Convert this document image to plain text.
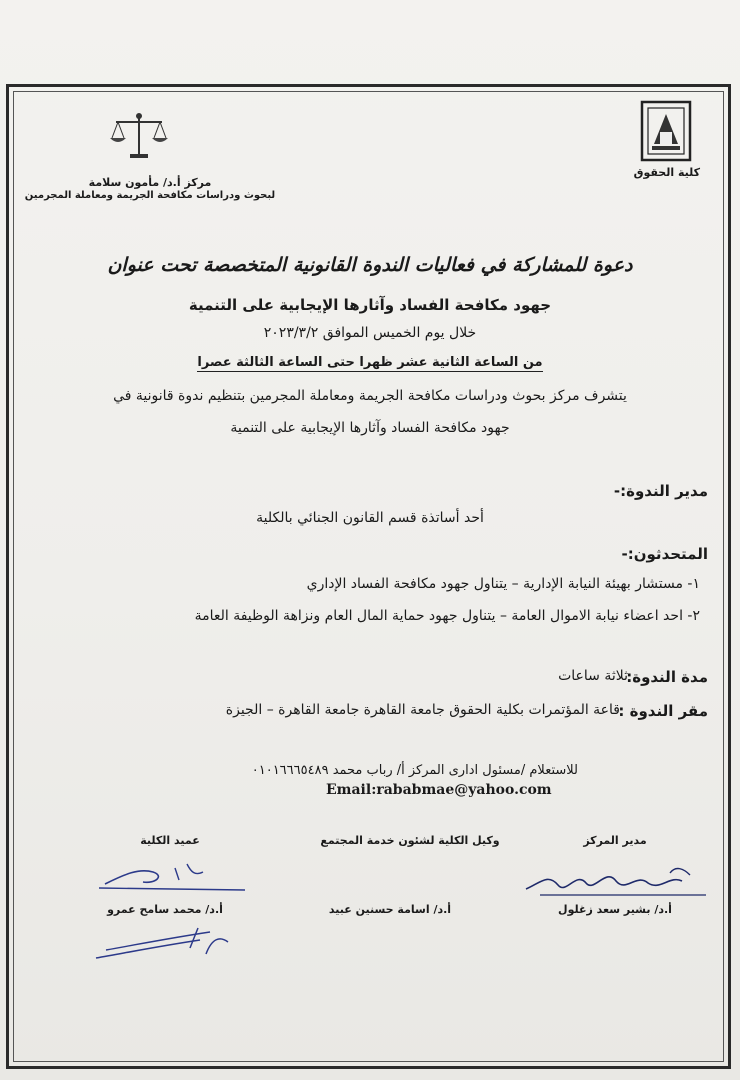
كلية الحقوق
مركز أ.د/ مأمون سلامة
لبحوث ودراسات مكافحة الجريمة ومعاملة المجرمين
دعوة للمشاركة في فعاليات الندوة القانونية المتخصصة تحت عنوان
جهود مكافحة الفساد وآثارها الإيجابية على التنمية
خلال يوم الخميس الموافق ٢٠٢٣/٣/٢
من الساعة الثانية عشر ظهرا حتى الساعة الثالثة عصرا
يتشرف مركز بحوث ودراسات مكافحة الجريمة ومعاملة المجرمين بتنظيم ندوة قانونية في
جهود مكافحة الفساد وآثارها الإيجابية على التنمية
مدير الندوة:-
أحد أساتذة قسم القانون الجنائي بالكلية
المتحدثون:-
١- مستشار بهيئة النيابة الإدارية – يتناول جهود مكافحة الفساد الإداري
٢- احد اعضاء نيابة الاموال العامة – يتناول جهود حماية المال العام ونزاهة الوظيفة العامة
مدة الندوة:
ثلاثة ساعات
مقر الندوة :
قاعة المؤتمرات بكلية الحقوق جامعة القاهرة جامعة القاهرة – الجيزة
للاستعلام /مسئول ادارى المركز أ/ رباب محمد ٠١٠١٦٦٦٥٤٨٩
Email:rababmae@yahoo.com
مدير المركز
وكيل الكلية لشئون خدمة المجتمع
عميد الكلية
أ.د/ بشير سعد زغلول
أ.د/ اسامة حسنين عبيد
أ.د/ محمد سامح عمرو
